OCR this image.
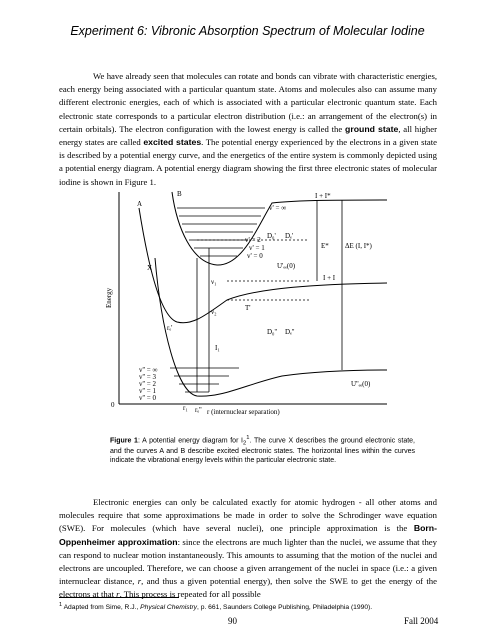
Experiment 6: Vibronic Absorption Spectrum of Molecular Iodine

We have already seen that molecules can rotate and bonds can vibrate with characteristic energies, each energy being associated with a particular quantum state. Atoms and molecules also can assume many different electronic energies, each of which is associated with a particular electronic quantum state. Each electronic state corresponds to a particular electron distribution (i.e.: an arrangement of the electron(s) in certain orbitals). The electron configuration with the lowest energy is called the ground state, all higher energy states are called excited states. The potential energy experienced by the electrons in a given state is described by a potential energy curve, and the energetics of the entire system is commonly depicted using a potential energy diagram. A potential energy diagram showing the first three electronic states of molecular iodine is shown in Figure 1.

B
A
X
Energy
r (internuclear separation)
I + I*
I + I
E* ΔE (I, I*)
v' = ∞
v' = 2
v' = 1
v' = 0
v'' = ∞
v'' = 3
v'' = 2
v'' = 1
v'' = 0
D₀' Dₑ'
D₀'' Dₑ''
U'ₑₑ(0)
U''ₑₑ(0)
T'
rₑ'
rₑ''
ν₁
ν₂
I₁
r₁
0
Figure 1: A potential energy diagram for $I_2^1$. The curve X describes the ground electronic state, and the curves A and B describe excited electronic states. The horizontal lines within the curves indicate the vibrational energy levels within the particular electronic state.

Electronic energies can only be calculated exactly for atomic hydrogen - all other atoms and molecules require that some approximations be made in order to solve the Schrodinger wave equation (SWE). For molecules (which have several nuclei), one principle approximation is the Born-Oppenheimer approximation: since the electrons are much lighter than the nuclei, we assume that they can respond to nuclear motion instantaneously. This amounts to assuming that the motion of the nuclei and electrons are uncoupled. Therefore, we can choose a given arrangement of the nuclei in space (i.e.: a given internuclear distance, r, and thus a given potential energy), then solve the SWE to get the energy of the electrons at that r. This process is repeated for all possible

$^1$ Adapted from Sime, R.J., Physical Chemistry, p. 661, Saunders College Publishing, Philadelphia (1990).
90	Fall 2004
